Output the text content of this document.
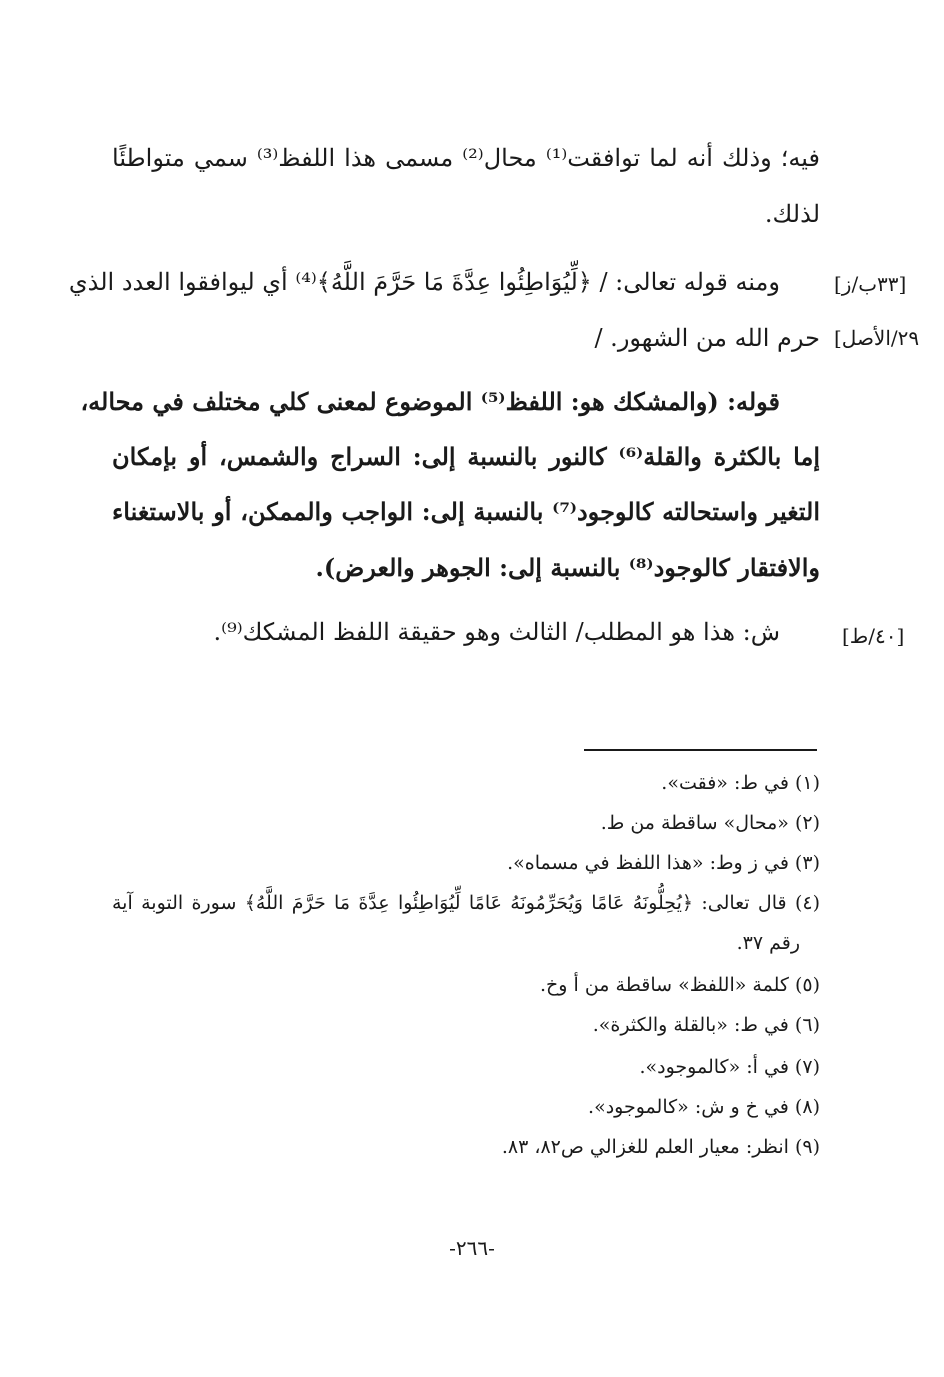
فيه؛ وذلك أنه لما توافقت⁽¹⁾ محال⁽²⁾ مسمى هذا اللفظ⁽³⁾ سمي متواطئًا
لذلك.
ومنه قوله تعالى: / ﴿لِّيُوَاطِئُوا عِدَّةَ مَا حَرَّمَ اللَّهُ﴾⁽⁴⁾ أي ليوافقوا العدد الذي	[٣٣ب/ز]
حرم الله من الشهور. / ٢٩/الأصل]
قوله: (والمشكك هو: اللفظ⁽⁵⁾ الموضوع لمعنى كلي مختلف في محاله،
إما بالكثرة والقلة⁽⁶⁾ كالنور بالنسبة إلى: السراج والشمس، أو بإمكان
التغير واستحالته كالوجود⁽⁷⁾ بالنسبة إلى: الواجب والممكن، أو بالاستغناء
والافتقار كالوجود⁽⁸⁾ بالنسبة إلى: الجوهر والعرض).
ش: هذا هو المطلب/ الثالث وهو حقيقة اللفظ المشكك⁽⁹⁾.	[٤٠/ط]
(١) في ط: «فقت».
(٢) «محال» ساقطة من ط.
(٣) في ز وط: «هذا اللفظ في مسماه».
(٤) قال تعالى: ﴿يُحِلُّونَهُ عَامًا وَيُحَرِّمُونَهُ عَامًا لِّيُوَاطِئُوا عِدَّةَ مَا حَرَّمَ اللَّهُ﴾ سورة التوبة آية
رقم ٣٧.
(٥) كلمة «اللفظ» ساقطة من أ وخ.
(٦) في ط: «بالقلة والكثرة».
(٧) في أ: «كالموجود».
(٨) في خ و ش: «كالموجود».
(٩) انظر: معيار العلم للغزالي ص٨٢، ٨٣.
-٢٦٦-
